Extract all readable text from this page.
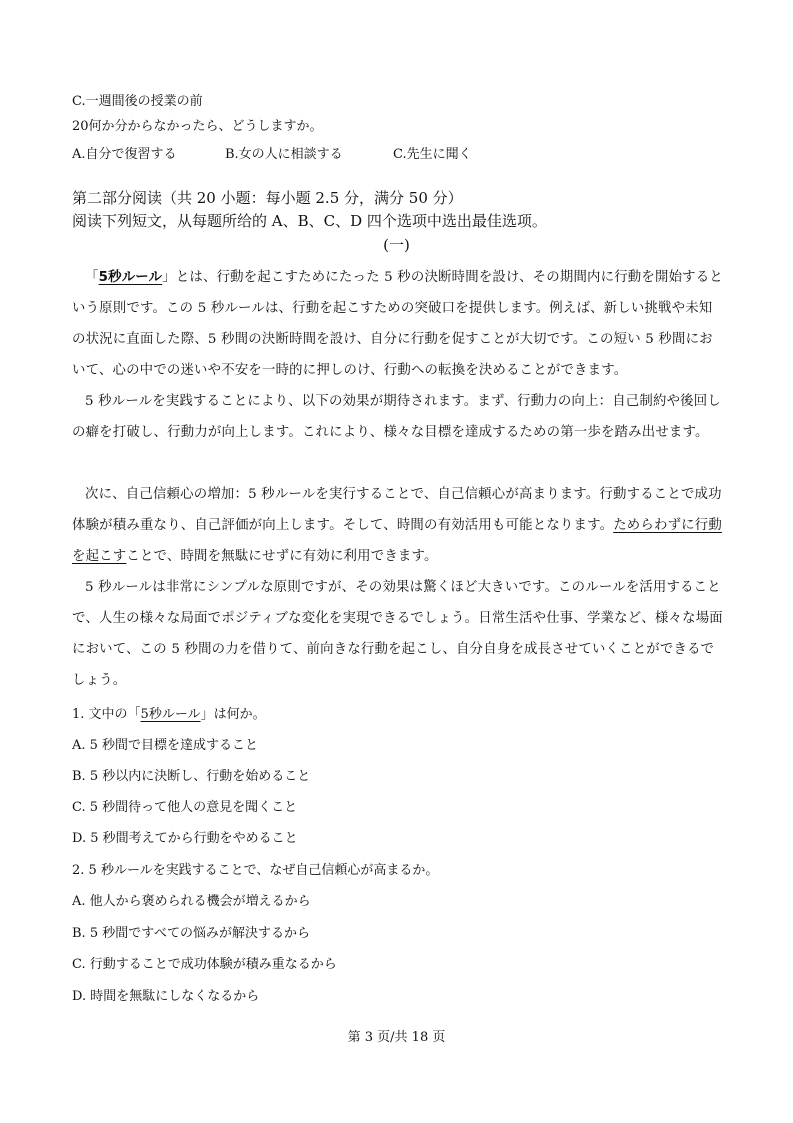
C.一週間後の授業の前
20何か分からなかったら、どうしますか。
A.自分で復習する	B.女の人に相談する	C.先生に聞く
第二部分阅读（共 20 小题：每小题 2.5 分，满分 50 分）
阅读下列短文，从每题所给的 A、B、C、D 四个选项中选出最佳选项。
(一)
「5秒ルール」とは、行動を起こすためにたった 5 秒の決断時間を設け、その期間内に行動を開始するという原則です。この 5 秒ルールは、行動を起こすための突破口を提供します。例えば、新しい挑戦や未知の状況に直面した際、5 秒間の決断時間を設け、自分に行動を促すことが大切です。この短い 5 秒間において、心の中での迷いや不安を一時的に押しのけ、行動への転換を決めることができます。
5 秒ルールを実践することにより、以下の効果が期待されます。まず、行動力の向上：自己制約や後回しの癖を打破し、行動力が向上します。これにより、様々な目標を達成するための第一歩を踏み出せます。
次に、自己信頼心の増加：5 秒ルールを実行することで、自己信頼心が高まります。行動することで成功体験が積み重なり、自己評価が向上します。そして、時間の有効活用も可能となります。ためらわずに行動を起こすことで、時間を無駄にせずに有効に利用できます。
5 秒ルールは非常にシンプルな原則ですが、その効果は驚くほど大きいです。このルールを活用することで、人生の様々な局面でポジティブな変化を実現できるでしょう。日常生活や仕事、学業など、様々な場面において、この 5 秒間の力を借りて、前向きな行動を起こし、自分自身を成長させていくことができるでしょう。
1. 文中の「5秒ルール」は何か。
A. 5 秒間で目標を達成すること
B. 5 秒以内に決断し、行動を始めること
C. 5 秒間待って他人の意見を聞くこと
D. 5 秒間考えてから行動をやめること
2. 5 秒ルールを実践することで、なぜ自己信頼心が高まるか。
A. 他人から褒められる機会が増えるから
B. 5 秒間ですべての悩みが解決するから
C. 行動することで成功体験が積み重なるから
D. 時間を無駄にしなくなるから
第 3 页/共 18 页
